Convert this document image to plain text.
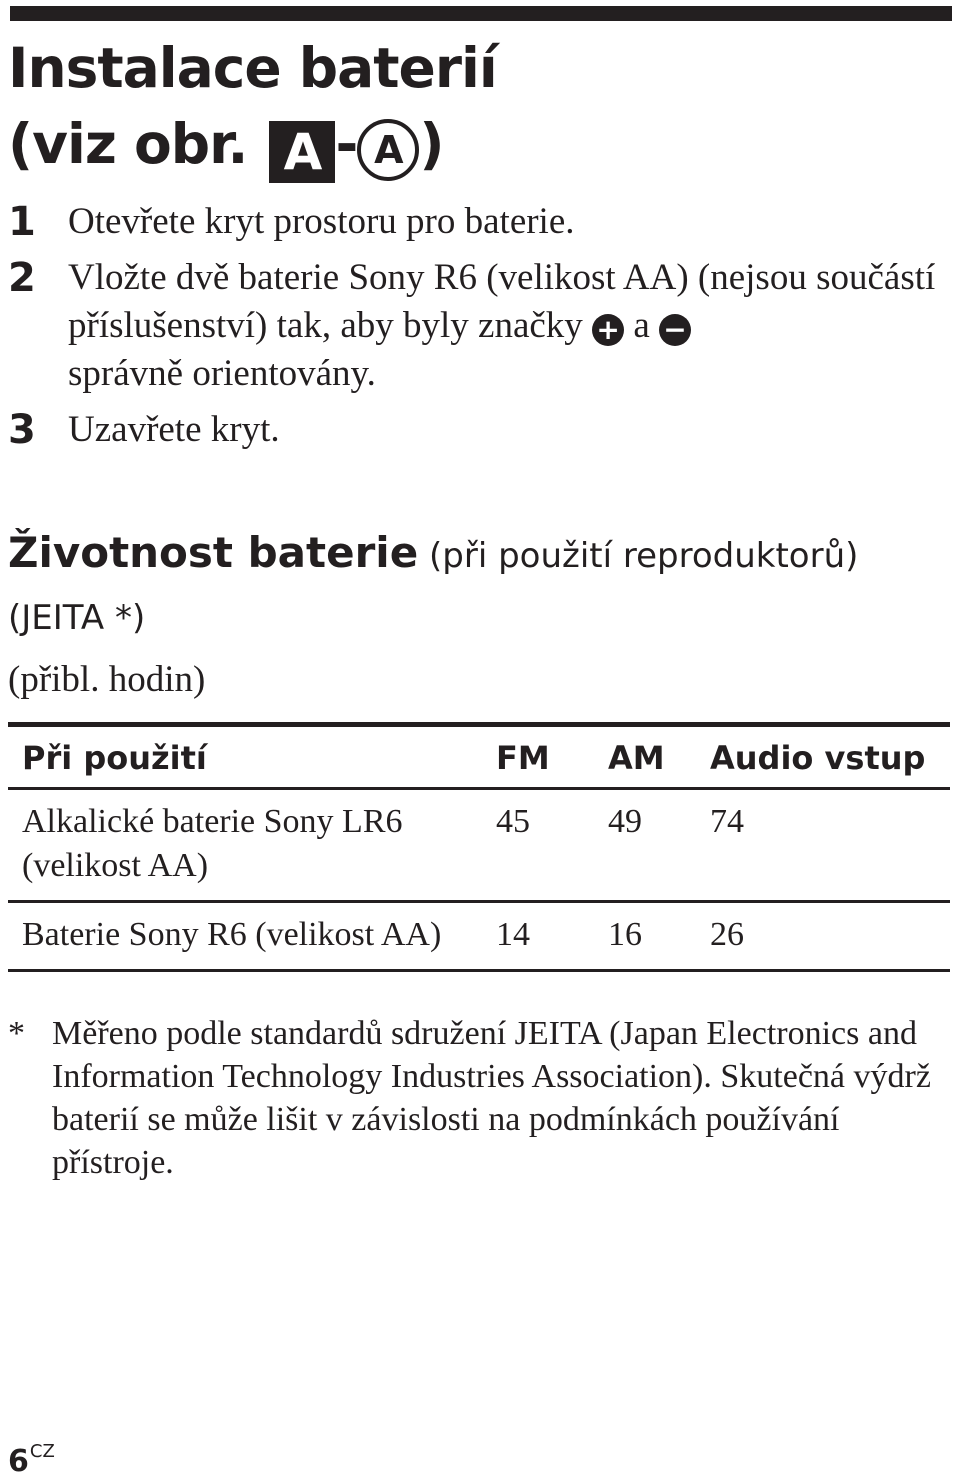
Instalace baterií
(viz obr. A - A )
1 Otevřete kryt prostoru pro baterie.
2 Vložte dvě baterie Sony R6 (velikost AA) (nejsou součástí příslušenství) tak, aby byly značky + a −
správně orientovány.
3 Uzavřete kryt.
Životnost baterie (při použití reproduktorů)
(JEITA *)
(přibl. hodin)
Při použití	FM	AM	Audio vstup
Alkalické baterie Sony LR6 (velikost AA)	45	49	74
Baterie Sony R6 (velikost AA)	14	16	26
* Měřeno podle standardů sdružení JEITA (Japan Electronics and Information Technology Industries Association). Skutečná výdrž baterií se může lišit v závislosti na podmínkách používání přístroje.
$6^{CZ}$
